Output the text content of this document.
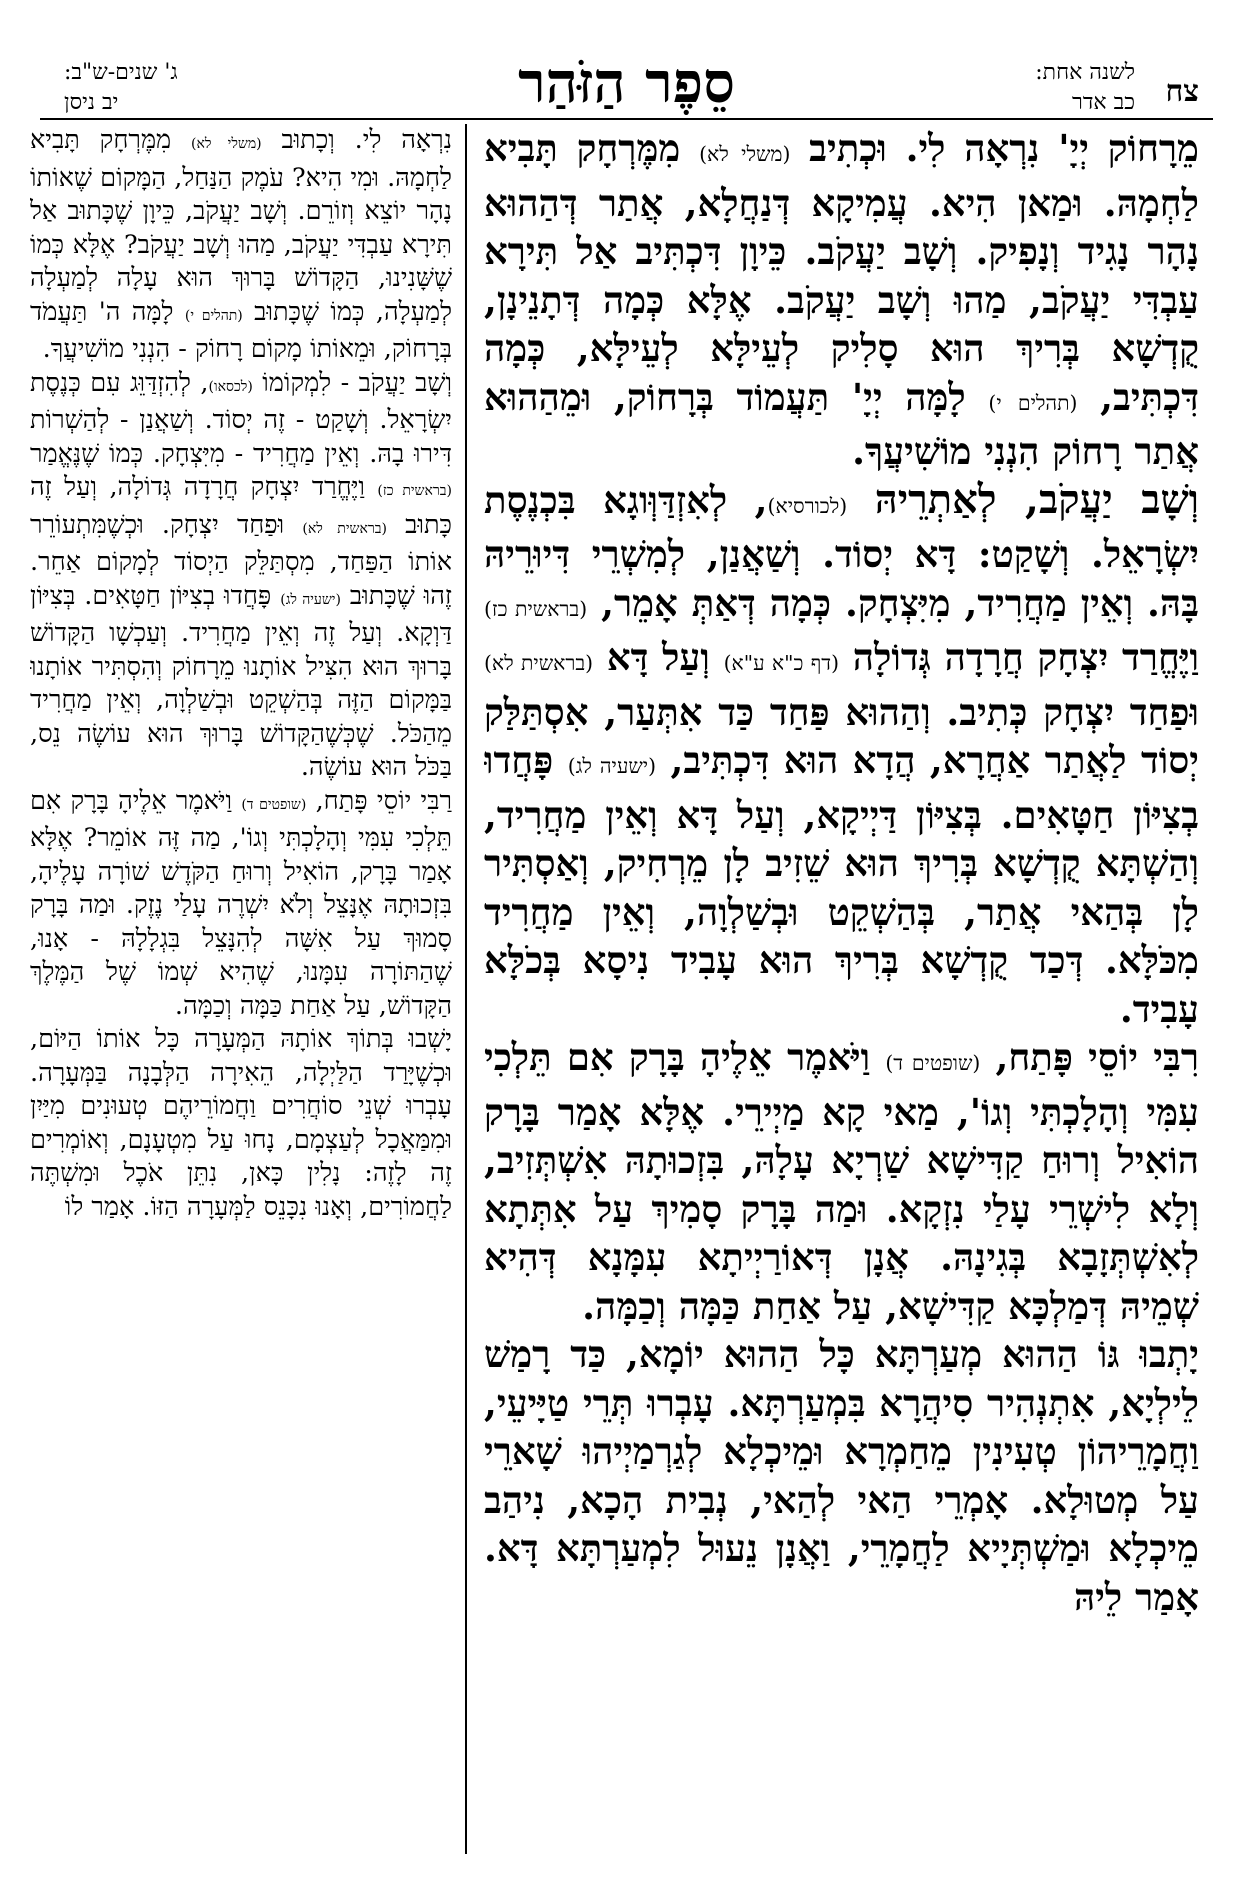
צח
לשנה אחת:
כב אדר
סֵפֶר הַזֹּהַר
ג' שנים-ש"ב:
יב ניסן

מֵרָחוֹק יְיָ' נִרְאָה לִי. וּכְתִיב (משלי לא) מִמֶּרְחָק תָּבִיא לַחְמָהּ. וּמַאן הִיא. עֲמִיקָא דְּנַחֲלָא, אֲתַר דְּהַהוּא נָהָר נָגִיד וְנָפִיק. וְשָׁב יַעֲקֹב. כֵּיוָן דִּכְתִּיב אַל תִּירָא עַבְדִּי יַעֲקֹב, מַהוּ וְשָׁב יַעֲקֹב. אֶלָּא כְּמָה דְּתָנֵינָן, קֻדְשָׁא בְּרִיךְ הוּא סָלִיק לְעֵילָּא לְעֵילָּא, כְּמָה דִּכְתִּיב, (תהלים י) לָמָּה יְיָ' תַּעֲמוֹד בְּרָחוֹק, וּמֵהַהוּא אֲתַר רָחוֹק הִנְנִי מוֹשִׁיעֲךָ.

וְשָׁב יַעֲקֹב, לְאַתְרֵיהּ (לכורסיא), לְאִזְדַּוְּוגָא בִּכְנֶסֶת יִשְׂרָאֵל. וְשָׁקַט: דָּא יְסוֹד. וְשַׁאֲנַן, לְמִשְׁרֵי דִּיוּרֵיהּ בָּהּ. וְאֵין מַחֲרִיד, מִיִּצְחָק. כְּמָה דְּאַתְּ אָמֵר, (בראשית כז) וַיֶּחֱרַד יִצְחָק חֲרָדָה גְּדוֹלָה (דף כ"א ע"א) וְעַל דָּא (בראשית לא) וּפַחַד יִצְחָק כְּתִיב. וְהַהוּא פַּחַד כַּד אִתְּעַר, אִסְתַּלַּק יְסוֹד לַאֲתַר אַחֲרָא, הֲדָא הוּא דִּכְתִּיב, (ישעיה לג) פָּחֲדוּ בְצִיּוֹן חַטָּאִים. בְּצִיּוֹן דַּיְיקָא, וְעַל דָּא וְאֵין מַחֲרִיד, וְהַשְׁתָּא קֻדְשָׁא בְּרִיךְ הוּא שֵׁזִיב לָן מֵרְחִיק, וְאַסְתִּיר לָן בְּהַאי אֲתַר, בְּהַשְׁקֵט וּבְשַׁלְוָה, וְאֵין מַחֲרִיד מִכֹּלָּא. דְּכַד קֻדְשָׁא בְּרִיךְ הוּא עָבִיד נִיסָא בְּכֹלָּא עָבִיד.

רִבִּי יוֹסֵי פָּתַח, (שופטים ד) וַיֹּאמֶר אֵלֶיהָ בָּרָק אִם תֵּלְכִי עִמִּי וְהָלָכְתִּי וְגוֹ', מַאי קָא מַיְירֵי. אֶלָּא אָמַר בָּרָק הוֹאִיל וְרוּחַ קַדִּישָׁא שַׁרְיָא עָלָהּ, בִּזְכוּתָהּ אִשְׁתְּזִיב, וְלָא לִישְׁרֵי עָלַי נִזְקָא. וּמַה בָּרָק סָמִיךְ עַל אִתְּתָא לְאִשְׁתְּזָבָא בְּגִינָהּ. אֲנָן דְּאוֹרַיְיתָא עִמָּנָא דְּהִיא שְׁמֵיהּ דְּמַלְכָּא קַדִּישָׁא, עַל אַחַת כַּמָּה וְכַמָּה.

יָתְבוּ גּוֹ הַהוּא מְעַרְתָּא כָּל הַהוּא יוֹמָא, כַּד רָמַשׁ לֵילְיָא, אִתְנְהִיר סִיהֲרָא בִּמְעַרְתָּא. עָבְרוּ תְּרֵי טַיָּיעֵי, וַחֲמָרֵיהוֹן טְעִינִין מֵחַמְרָא וּמֵיכְלָא לְגַרְמַיְיהוּ שָׁארֵי עַל מְטוּלָא. אָמְרֵי הַאי לְהַאי, נְבִית הָכָא, נִיהַב מֵיכְלָא וּמַשְׁתְּיָיא לַחֲמָרֵי, וַאֲנָן נֵעוּל לִמְעַרְתָּא דָּא. אָמַר לֵיהּ

נִרְאָה לִי. וְכָתוּב (משלי לא) מִמֶּרְחָק תָּבִיא לַחְמָהּ. וּמִי הִיא? עֹמֶק הַנַּחַל, הַמָּקוֹם שֶׁאוֹתוֹ נָהָר יוֹצֵא וְזוֹרֵם. וְשָׁב יַעֲקֹב, כֵּיוָן שֶׁכָּתוּב אַל תִּירָא עַבְדִּי יַעֲקֹב, מַהוּ וְשָׁב יַעֲקֹב? אֶלָּא כְּמוֹ שֶׁשָּׁנִינוּ, הַקָּדוֹשׁ בָּרוּךְ הוּא עָלָה לְמַעְלָה לְמַעְלָה, כְּמוֹ שֶׁכָּתוּב (תהלים י) לָמָּה ה' תַּעֲמֹד בְּרָחוֹק, וּמֵאוֹתוֹ מָקוֹם רָחוֹק - הִנְנִי מוֹשִׁיעֲךָ.

וְשָׁב יַעֲקֹב - לִמְקוֹמוֹ (לכסאו), לְהִזְדַּוֵּג עִם כְּנֶסֶת יִשְׂרָאֵל. וְשָׁקַט - זֶה יְסוֹד. וְשַׁאֲנַן - לְהַשְׁרוֹת דִּירוּ בָהּ. וְאֵין מַחֲרִיד - מִיִּצְחָק. כְּמוֹ שֶׁנֶּאֱמַר (בראשית כז) וַיֶּחֱרַד יִצְחָק חֲרָדָה גְּדוֹלָה, וְעַל זֶה כָּתוּב (בראשית לא) וּפַחַד יִצְחָק. וּכְשֶׁמִּתְעוֹרֵר אוֹתוֹ הַפַּחַד, מִסְתַּלֵּק הַיְסוֹד לְמָקוֹם אַחֵר. זֶהוּ שֶׁכָּתוּב (ישעיה לג) פָּחֲדוּ בְצִיּוֹן חַטָּאִים. בְּצִיּוֹן דַּוְקָא. וְעַל זֶה וְאֵין מַחֲרִיד. וְעַכְשָׁו הַקָּדוֹשׁ בָּרוּךְ הוּא הִצִּיל אוֹתָנוּ מֵרָחוֹק וְהִסְתִּיר אוֹתָנוּ בַּמָּקוֹם הַזֶּה בְּהַשְׁקֵט וּבְשַׁלְוָה, וְאֵין מַחֲרִיד מֵהַכֹּל. שֶׁכְּשֶׁהַקָּדוֹשׁ בָּרוּךְ הוּא עוֹשֶׂה נֵס, בַּכֹּל הוּא עוֹשֶׂה.

רַבִּי יוֹסֵי פָּתַח, (שופטים ד) וַיֹּאמֶר אֵלֶיהָ בָּרָק אִם תֵּלְכִי עִמִּי וְהָלָכְתִּי וְגוֹ', מַה זֶּה אוֹמֵר? אֶלָּא אָמַר בָּרָק, הוֹאִיל וְרוּחַ הַקֹּדֶשׁ שׁוֹרָה עָלֶיהָ, בִּזְכוּתָהּ אֶנָּצֵל וְלֹא יִשְׁרֶה עָלַי נֶזֶק. וּמַה בָּרָק סָמוּךְ עַל אִשָּׁה לְהִנָּצֵל בִּגְלָלָהּ - אָנוּ, שֶׁהַתּוֹרָה עִמָּנוּ, שֶׁהִיא שְׁמוֹ שֶׁל הַמֶּלֶךְ הַקָּדוֹשׁ, עַל אַחַת כַּמָּה וְכַמָּה.

יָשְׁבוּ בְּתוֹךְ אוֹתָהּ הַמְּעָרָה כָּל אוֹתוֹ הַיּוֹם, וּכְשֶׁיָּרַד הַלַּיְלָה, הֵאִירָה הַלְּבָנָה בַּמְּעָרָה. עָבְרוּ שְׁנֵי סוֹחֲרִים וַחֲמוֹרֵיהֶם טְעוּנִים מִיַּיִן וּמִמַּאֲכָל לְעַצְמָם, נָחוּ עַל מִטְעָנָם, וְאוֹמְרִים זֶה לָזֶה: נָלִין כָּאן, נִתֵּן אֹכֶל וּמִשְׁתֶּה לַחֲמוֹרִים, וְאָנוּ נִכָּנֵס לַמְּעָרָה הַזּוֹ. אָמַר לוֹ
